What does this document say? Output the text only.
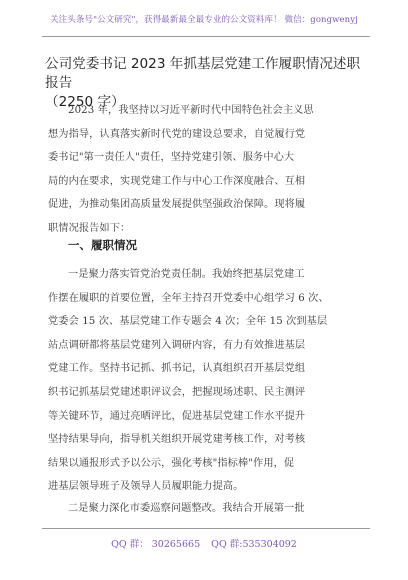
关注头条号"公文研究"，获得最新最全最专业的公文资料库！ 微信：gongwenyj
公司党委书记 2023 年抓基层党建工作履职情况述职报告
（2250 字）
2023 年，我坚持以习近平新时代中国特色社会主义思
想为指导，认真落实新时代党的建设总要求，自觉履行党
委书记"第一责任人"责任，坚持党建引领、服务中心大
局的内在要求，实现党建工作与中心工作深度融合、互相
促进，为推动集团高质量发展提供坚强政治保障。现将履
职情况报告如下：
一、履职情况
一是聚力落实管党治党责任制。我始终把基层党建工
作摆在履职的首要位置，全年主持召开党委中心组学习 6 次、
党委会 15 次、基层党建工作专题会 4 次；全年 15 次到基层
站点调研都将基层党建列入调研内容，有力有效推进基层
党建工作。坚持书记抓、抓书记，认真组织召开基层党组
织书记抓基层党建述职评议会，把握现场述职、民主测评
等关键环节，通过亮晒评比，促进基层党建工作水平提升
坚持结果导向，指导机关组织开展党建考核工作，对考核
结果以通报形式予以公示，强化考核"指标棒"作用，促
进基层领导班子及领导人员履职能力提高。
二是聚力深化市委巡察问题整改。我结合开展第一批
QQ 群： 30265665 QQ 群:535304092
